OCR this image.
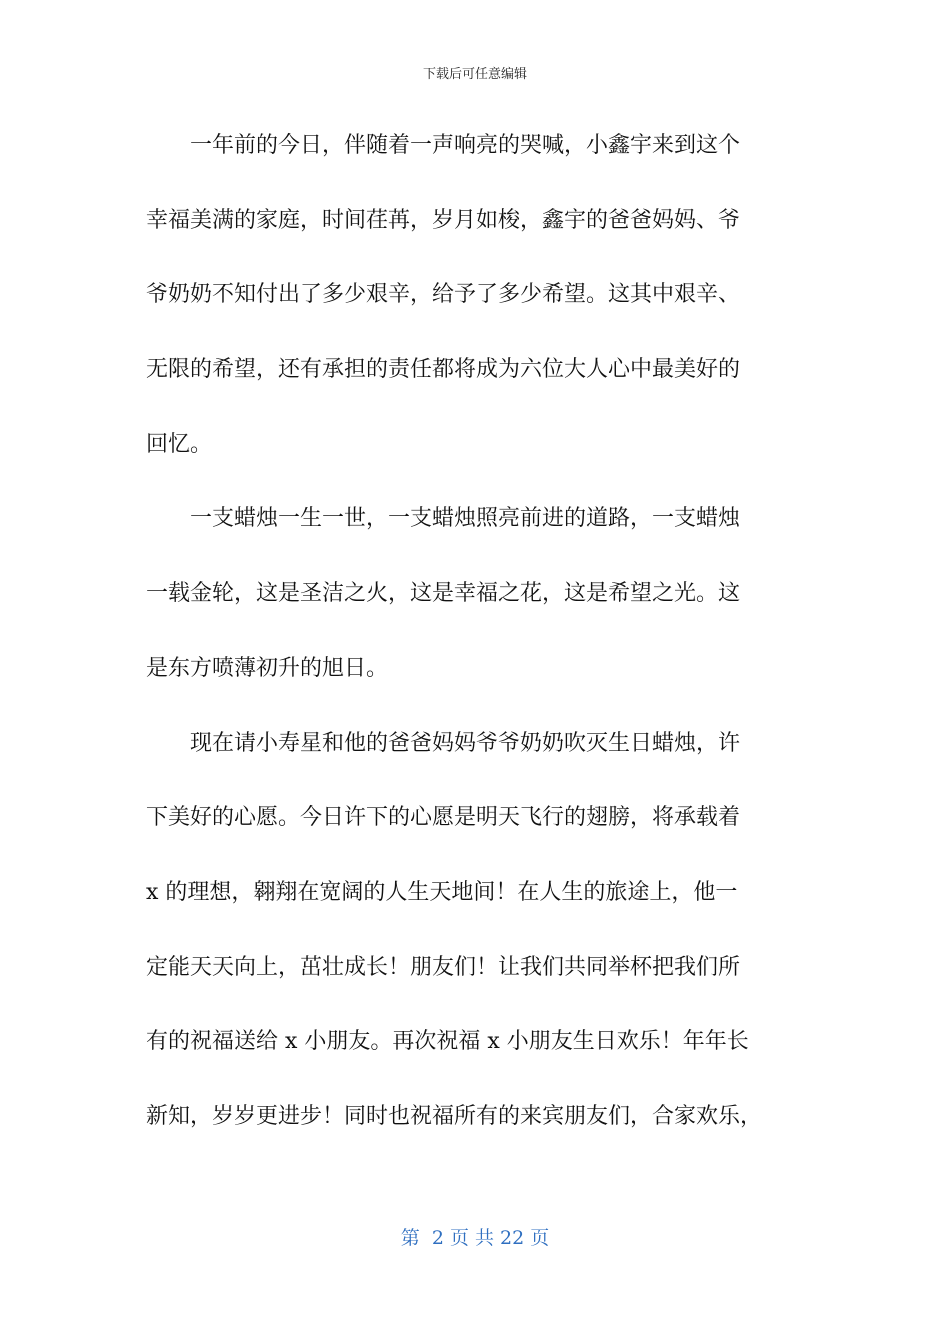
下载后可任意编辑
一年前的今日，伴随着一声响亮的哭喊，小鑫宇来到这个
幸福美满的家庭，时间荏苒，岁月如梭，鑫宇的爸爸妈妈、爷
爷奶奶不知付出了多少艰辛，给予了多少希望。这其中艰辛、
无限的希望，还有承担的责任都将成为六位大人心中最美好的
回忆。
一支蜡烛一生一世，一支蜡烛照亮前进的道路，一支蜡烛
一载金轮，这是圣洁之火，这是幸福之花，这是希望之光。这
是东方喷薄初升的旭日。
现在请小寿星和他的爸爸妈妈爷爷奶奶吹灭生日蜡烛，许
下美好的心愿。今日许下的心愿是明天飞行的翅膀，将承载着
x 的理想，翱翔在宽阔的人生天地间！在人生的旅途上，他一
定能天天向上，茁壮成长！朋友们！让我们共同举杯把我们所
有的祝福送给 x 小朋友。再次祝福 x 小朋友生日欢乐！年年长
新知，岁岁更进步！同时也祝福所有的来宾朋友们，合家欢乐，
第  2 页 共 22 页
